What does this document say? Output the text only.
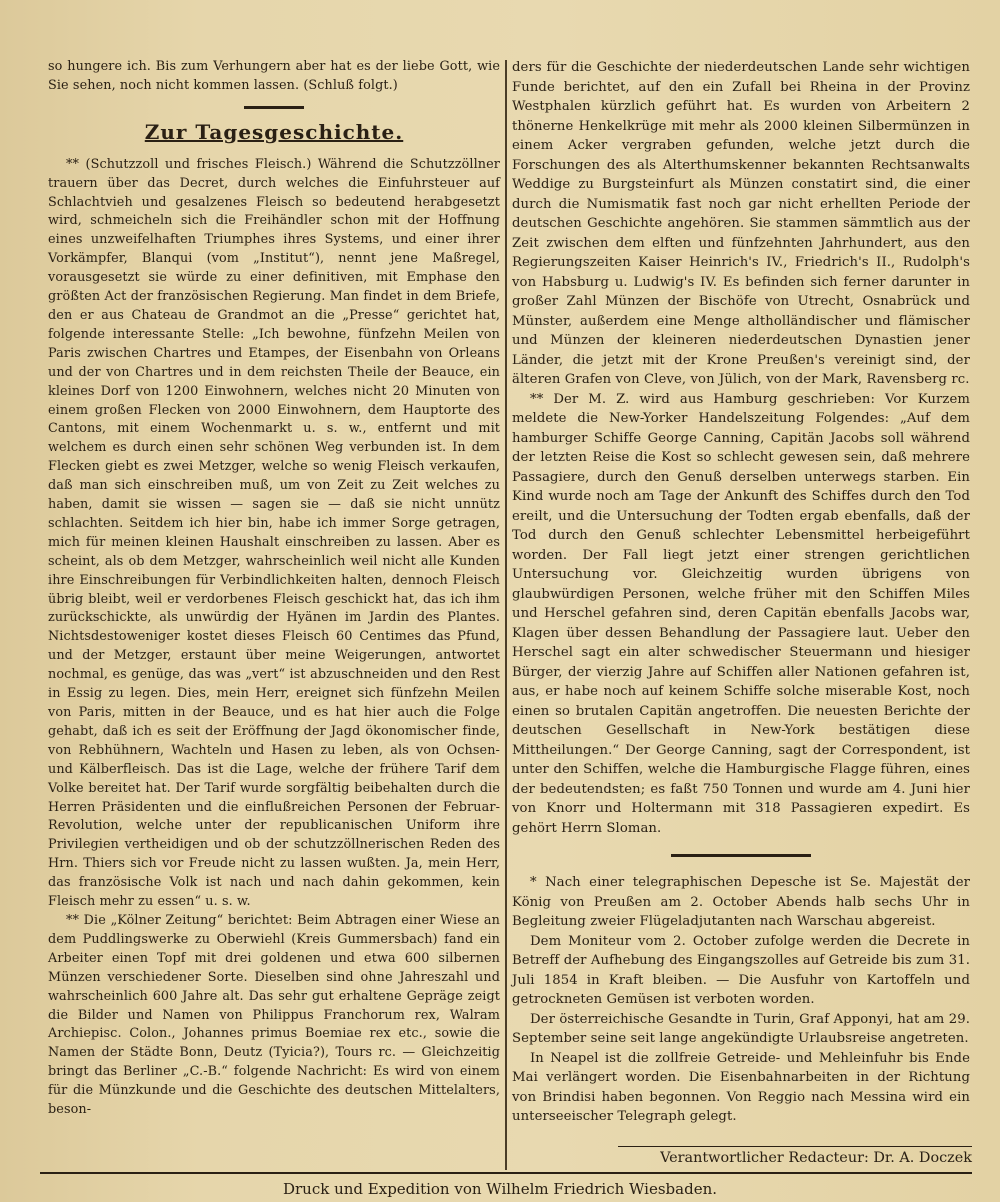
so hungere ich. Bis zum Verhungern aber hat es der liebe Gott, wie Sie sehen, noch nicht kommen lassen. (Schluß folgt.)

Zur Tagesgeschichte.

** (Schutzzoll und frisches Fleisch.) Während die Schutzzöllner trauern über das Decret, durch welches die Einfuhrsteuer auf Schlachtvieh und gesalzenes Fleisch so bedeutend herabgesetzt wird, schmeicheln sich die Freihändler schon mit der Hoffnung eines unzweifelhaften Triumphes ihres Systems, und einer ihrer Vorkämpfer, Blanqui (vom „Institut“), nennt jene Maßregel, vorausgesetzt sie würde zu einer definitiven, mit Emphase den größten Act der französischen Regierung. Man findet in dem Briefe, den er aus Chateau de Grandmot an die „Presse“ gerichtet hat, folgende interessante Stelle: „Ich bewohne, fünfzehn Meilen von Paris zwischen Chartres und Etampes, der Eisenbahn von Orleans und der von Chartres und in dem reichsten Theile der Beauce, ein kleines Dorf von 1200 Einwohnern, welches nicht 20 Minuten von einem großen Flecken von 2000 Einwohnern, dem Hauptorte des Cantons, mit einem Wochenmarkt u. s. w., entfernt und mit welchem es durch einen sehr schönen Weg verbunden ist. In dem Flecken giebt es zwei Metzger, welche so wenig Fleisch verkaufen, daß man sich einschreiben muß, um von Zeit zu Zeit welches zu haben, damit sie wissen — sagen sie — daß sie nicht unnütz schlachten. Seitdem ich hier bin, habe ich immer Sorge getragen, mich für meinen kleinen Haushalt einschreiben zu lassen. Aber es scheint, als ob dem Metzger, wahrscheinlich weil nicht alle Kunden ihre Einschreibungen für Verbindlichkeiten halten, dennoch Fleisch übrig bleibt, weil er verdorbenes Fleisch geschickt hat, das ich ihm zurückschickte, als unwürdig der Hyänen im Jardin des Plantes. Nichtsdestoweniger kostet dieses Fleisch 60 Centimes das Pfund, und der Metzger, erstaunt über meine Weigerungen, antwortet nochmal, es genüge, das was „vert“ ist abzuschneiden und den Rest in Essig zu legen. Dies, mein Herr, ereignet sich fünfzehn Meilen von Paris, mitten in der Beauce, und es hat hier auch die Folge gehabt, daß ich es seit der Eröffnung der Jagd ökonomischer finde, von Rebhühnern, Wachteln und Hasen zu leben, als von Ochsen- und Kälberfleisch. Das ist die Lage, welche der frühere Tarif dem Volke bereitet hat. Der Tarif wurde sorgfältig beibehalten durch die Herren Präsidenten und die einflußreichen Personen der Februar-Revolution, welche unter der republicanischen Uniform ihre Privilegien vertheidigen und ob der schutzzöllnerischen Reden des Hrn. Thiers sich vor Freude nicht zu lassen wußten. Ja, mein Herr, das französische Volk ist nach und nach dahin gekommen, kein Fleisch mehr zu essen“ u. s. w.

** Die „Kölner Zeitung“ berichtet: Beim Abtragen einer Wiese an dem Puddlingswerke zu Oberwiehl (Kreis Gummersbach) fand ein Arbeiter einen Topf mit drei goldenen und etwa 600 silbernen Münzen verschiedener Sorte. Dieselben sind ohne Jahreszahl und wahrscheinlich 600 Jahre alt. Das sehr gut erhaltene Gepräge zeigt die Bilder und Namen von Philippus Franchorum rex, Walram Archiepisc. Colon., Johannes primus Boemiae rex etc., sowie die Namen der Städte Bonn, Deutz (Tyicia?), Tours rc. — Gleichzeitig bringt das Berliner „C.-B.“ folgende Nachricht: Es wird von einem für die Münzkunde und die Geschichte des deutschen Mittelalters, beson-

ders für die Geschichte der niederdeutschen Lande sehr wichtigen Funde berichtet, auf den ein Zufall bei Rheina in der Provinz Westphalen kürzlich geführt hat. Es wurden von Arbeitern 2 thönerne Henkelkrüge mit mehr als 2000 kleinen Silbermünzen in einem Acker vergraben gefunden, welche jetzt durch die Forschungen des als Alterthumskenner bekannten Rechtsanwalts Weddige zu Burgsteinfurt als Münzen constatirt sind, die einer durch die Numismatik fast noch gar nicht erhellten Periode der deutschen Geschichte angehören. Sie stammen sämmtlich aus der Zeit zwischen dem elften und fünfzehnten Jahrhundert, aus den Regierungszeiten Kaiser Heinrich's IV., Friedrich's II., Rudolph's von Habsburg u. Ludwig's IV. Es befinden sich ferner darunter in großer Zahl Münzen der Bischöfe von Utrecht, Osnabrück und Münster, außerdem eine Menge altholländischer und flämischer und Münzen der kleineren niederdeutschen Dynastien jener Länder, die jetzt mit der Krone Preußen's vereinigt sind, der älteren Grafen von Cleve, von Jülich, von der Mark, Ravensberg rc.

** Der M. Z. wird aus Hamburg geschrieben: Vor Kurzem meldete die New-Yorker Handelszeitung Folgendes: „Auf dem hamburger Schiffe George Canning, Capitän Jacobs soll während der letzten Reise die Kost so schlecht gewesen sein, daß mehrere Passagiere, durch den Genuß derselben unterwegs starben. Ein Kind wurde noch am Tage der Ankunft des Schiffes durch den Tod ereilt, und die Untersuchung der Todten ergab ebenfalls, daß der Tod durch den Genuß schlechter Lebensmittel herbeigeführt worden. Der Fall liegt jetzt einer strengen gerichtlichen Untersuchung vor. Gleichzeitig wurden übrigens von glaubwürdigen Personen, welche früher mit den Schiffen Miles und Herschel gefahren sind, deren Capitän ebenfalls Jacobs war, Klagen über dessen Behandlung der Passagiere laut. Ueber den Herschel sagt ein alter schwedischer Steuermann und hiesiger Bürger, der vierzig Jahre auf Schiffen aller Nationen gefahren ist, aus, er habe noch auf keinem Schiffe solche miserable Kost, noch einen so brutalen Capitän angetroffen. Die neuesten Berichte der deutschen Gesellschaft in New-York bestätigen diese Mittheilungen.“ Der George Canning, sagt der Correspondent, ist unter den Schiffen, welche die Hamburgische Flagge führen, eines der bedeutendsten; es faßt 750 Tonnen und wurde am 4. Juni hier von Knorr und Holtermann mit 318 Passagieren expedirt. Es gehört Herrn Sloman.

* Nach einer telegraphischen Depesche ist Se. Majestät der König von Preußen am 2. October Abends halb sechs Uhr in Begleitung zweier Flügeladjutanten nach Warschau abgereist.

Dem Moniteur vom 2. October zufolge werden die Decrete in Betreff der Aufhebung des Eingangszolles auf Getreide bis zum 31. Juli 1854 in Kraft bleiben. — Die Ausfuhr von Kartoffeln und getrockneten Gemüsen ist verboten worden.

Der österreichische Gesandte in Turin, Graf Apponyi, hat am 29. September seine seit lange angekündigte Urlaubsreise angetreten.

In Neapel ist die zollfreie Getreide- und Mehleinfuhr bis Ende Mai verlängert worden. Die Eisenbahnarbeiten in der Richtung von Brindisi haben begonnen. Von Reggio nach Messina wird ein unterseeischer Telegraph gelegt.

Verantwortlicher Redacteur: Dr. A. Doczek
Druck und Expedition von Wilhelm Friedrich Wiesbaden.
